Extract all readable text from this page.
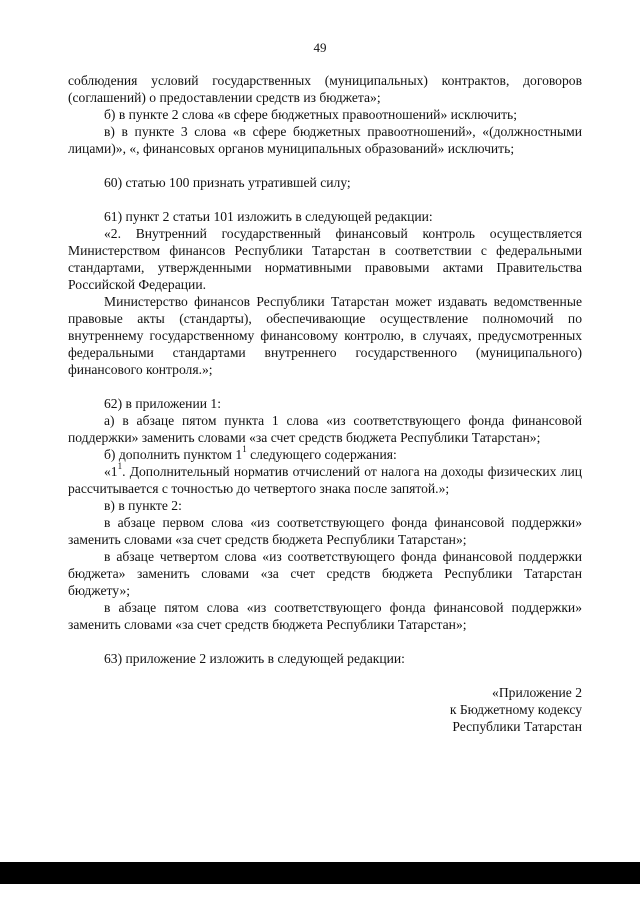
49

соблюдения условий государственных (муниципальных) контрактов, договоров (соглашений) о предоставлении средств из бюджета»;

б) в пункте 2 слова «в сфере бюджетных правоотношений» исключить;

в) в пункте 3 слова «в сфере бюджетных правоотношений», «(должностными лицами)», «, финансовых органов муниципальных образований» исключить;

60) статью 100 признать утратившей силу;

61) пункт 2 статьи 101 изложить в следующей редакции:

«2. Внутренний государственный финансовый контроль осуществляется Министерством финансов Республики Татарстан в соответствии с федеральными стандартами, утвержденными нормативными правовыми актами Правительства Российской Федерации.

Министерство финансов Республики Татарстан может издавать ведомственные правовые акты (стандарты), обеспечивающие осуществление полномочий по внутреннему государственному финансовому контролю, в случаях, предусмотренных федеральными стандартами внутреннего государственного (муниципального) финансового контроля.»;

62) в приложении 1:

а) в абзаце пятом пункта 1 слова «из соответствующего фонда финансовой поддержки» заменить словами «за счет средств бюджета Республики Татарстан»;

б) дополнить пунктом $1^1$ следующего содержания:

«$1^1$. Дополнительный норматив отчислений от налога на доходы физических лиц рассчитывается с точностью до четвертого знака после запятой.»;

в) в пункте 2:

в абзаце первом слова «из соответствующего фонда финансовой поддержки» заменить словами «за счет средств бюджета Республики Татарстан»;

в абзаце четвертом слова «из соответствующего фонда финансовой поддержки бюджета» заменить словами «за счет средств бюджета Республики Татарстан бюджету»;

в абзаце пятом слова «из соответствующего фонда финансовой поддержки» заменить словами «за счет средств бюджета Республики Татарстан»;

63) приложение 2 изложить в следующей редакции:

«Приложение 2

к Бюджетному кодексу

Республики Татарстан
